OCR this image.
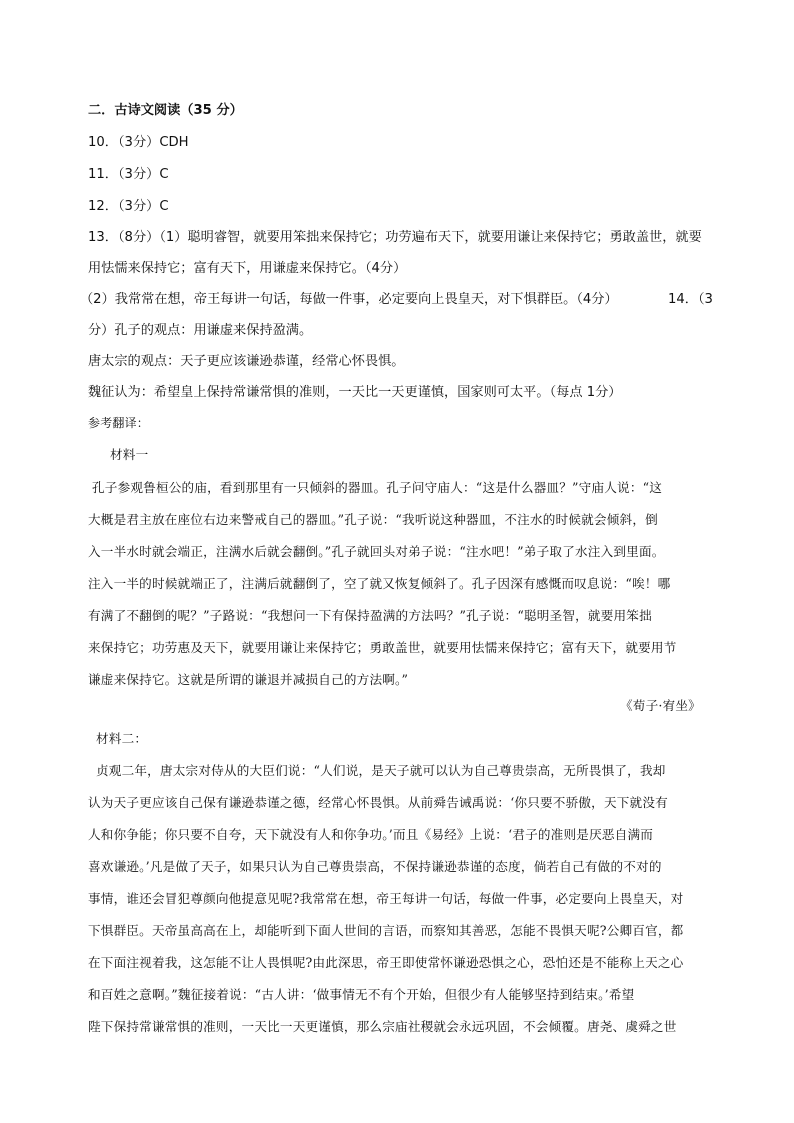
二．古诗文阅读（35 分）
10．（3分）CDH
11．（3分）C
12．（3分）C
13．（8分）（1）聪明睿智，就要用笨拙来保持它；功劳遍布天下，就要用谦让来保持它；勇敢盖世，就要
用怯懦来保持它；富有天下，用谦虚来保持它。（4分）
（2）我常常在想，帝王每讲一句话，每做一件事，必定要向上畏皇天，对下惧群臣。（4分）	14．（3
分）孔子的观点：用谦虚来保持盈满。
唐太宗的观点：天子更应该谦逊恭谨，经常心怀畏惧。
魏征认为：希望皇上保持常谦常惧的准则，一天比一天更谨慎，国家则可太平。（每点 1分）
参考翻译：
材料一
孔子参观鲁桓公的庙，看到那里有一只倾斜的器皿。孔子问守庙人：“这是什么器皿？”守庙人说：“这
大概是君主放在座位右边来警戒自己的器皿。”孔子说：“我听说这种器皿，不注水的时候就会倾斜，倒
入一半水时就会端正，注满水后就会翻倒。”孔子就回头对弟子说：“注水吧！”弟子取了水注入到里面。
注入一半的时候就端正了，注满后就翻倒了，空了就又恢复倾斜了。孔子因深有感慨而叹息说：“唉！哪
有满了不翻倒的呢？”子路说：“我想问一下有保持盈满的方法吗？”孔子说：“聪明圣智，就要用笨拙
来保持它；功劳惠及天下，就要用谦让来保持它；勇敢盖世，就要用怯懦来保持它；富有天下，就要用节
谦虚来保持它。这就是所谓的谦退并减损自己的方法啊。”
《荀子·宥坐》
材料二：
贞观二年，唐太宗对侍从的大臣们说：“人们说，是天子就可以认为自己尊贵崇高，无所畏惧了，我却
认为天子更应该自己保有谦逊恭谨之德，经常心怀畏惧。从前舜告诫禹说：‘你只要不骄傲，天下就没有
人和你争能；你只要不自夸，天下就没有人和你争功。’而且《易经》上说：‘君子的准则是厌恶自满而
喜欢谦逊。’凡是做了天子，如果只认为自己尊贵崇高，不保持谦逊恭谨的态度，倘若自己有做的不对的
事情，谁还会冒犯尊颜向他提意见呢?我常常在想，帝王每讲一句话，每做一件事，必定要向上畏皇天，对
下惧群臣。天帝虽高高在上，却能听到下面人世间的言语，而察知其善恶，怎能不畏惧天呢?公卿百官，都
在下面注视着我，这怎能不让人畏惧呢?由此深思，帝王即使常怀谦逊恐惧之心，恐怕还是不能称上天之心
和百姓之意啊。”魏征接着说：“古人讲：‘做事情无不有个开始，但很少有人能够坚持到结束。’希望
陛下保持常谦常惧的准则，一天比一天更谨慎，那么宗庙社稷就会永远巩固，不会倾覆。唐尧、虞舜之世
